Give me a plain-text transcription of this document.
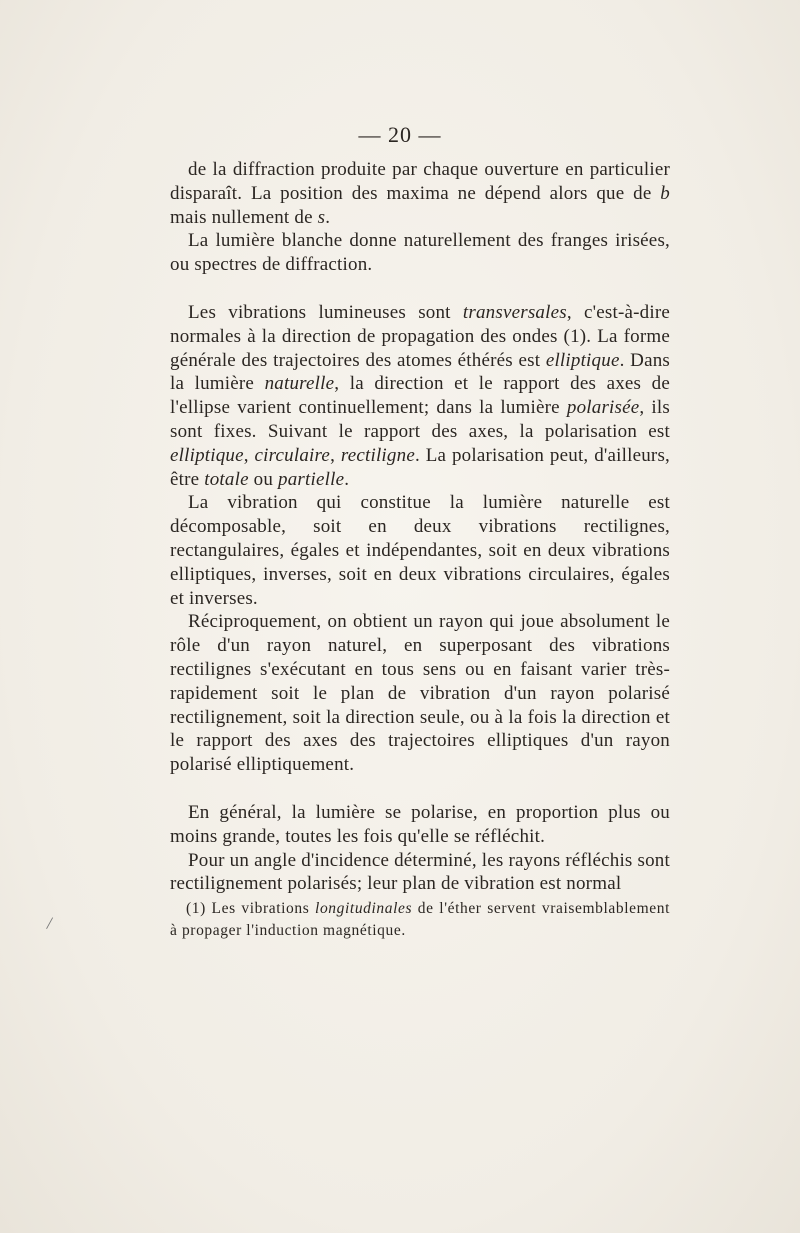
— 20 —

de la diffraction produite par chaque ouverture en particulier disparaît. La position des maxima ne dépend alors que de b mais nullement de s.

La lumière blanche donne naturellement des franges irisées, ou spectres de diffraction.

Les vibrations lumineuses sont transversales, c'est-à-dire normales à la direction de propagation des ondes (1). La forme générale des trajectoires des atomes éthérés est elliptique. Dans la lumière naturelle, la direction et le rapport des axes de l'ellipse varient continuellement; dans la lumière polarisée, ils sont fixes. Suivant le rapport des axes, la polarisation est elliptique, circulaire, rectiligne. La polarisation peut, d'ailleurs, être totale ou partielle.

La vibration qui constitue la lumière naturelle est décomposable, soit en deux vibrations rectilignes, rectangulaires, égales et indépendantes, soit en deux vibrations elliptiques, inverses, soit en deux vibrations circulaires, égales et inverses.

Réciproquement, on obtient un rayon qui joue absolument le rôle d'un rayon naturel, en superposant des vibrations rectilignes s'exécutant en tous sens ou en faisant varier très-rapidement soit le plan de vibration d'un rayon polarisé rectilignement, soit la direction seule, ou à la fois la direction et le rapport des axes des trajectoires elliptiques d'un rayon polarisé elliptiquement.

En général, la lumière se polarise, en proportion plus ou moins grande, toutes les fois qu'elle se réfléchit.

Pour un angle d'incidence déterminé, les rayons réfléchis sont rectilignement polarisés; leur plan de vibration est normal

(1) Les vibrations longitudinales de l'éther servent vraisemblablement à propager l'induction magnétique.

/
